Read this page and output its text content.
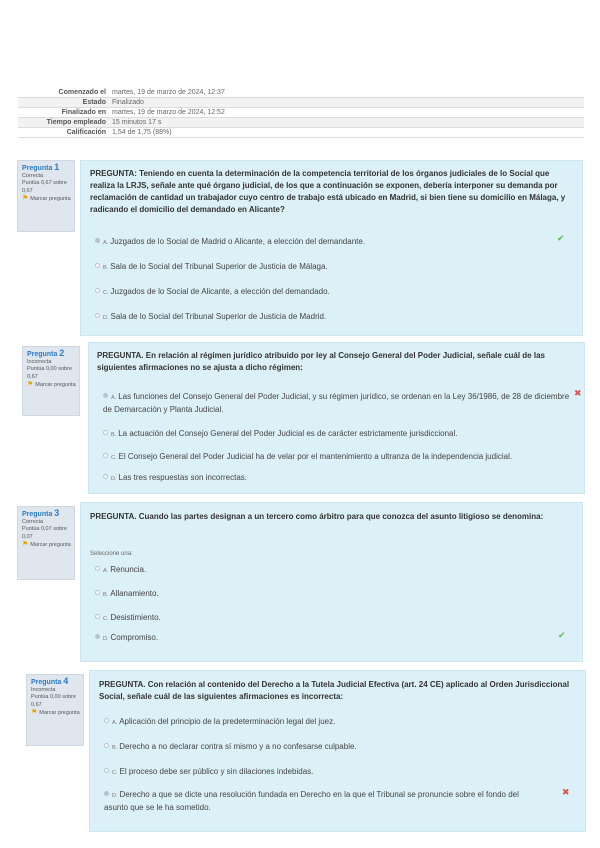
Comenzado el	martes, 19 de marzo de 2024, 12:37
Estado	Finalizado
Finalizado en	martes, 19 de marzo de 2024, 12:52
Tiempo empleado	15 minutos 17 s
Calificación	1,54 de 1,75 (88%)
Pregunta 1
Correcta
Puntúa 0,67 sobre 0,67
⚑ Marcar pregunta
PREGUNTA: Teniendo en cuenta la determinación de la competencia territorial de los órganos judiciales de lo Social que realiza la LRJS, señale ante qué órgano judicial, de los que a continuación se exponen, debería interponer su demanda por reclamación de cantidad un trabajador cuyo centro de trabajo está ubicado en Madrid, si bien tiene su domicilio en Málaga, y radicando el domicilio del demandado en Alicante?
A. Juzgados de lo Social de Madrid o Alicante, a elección del demandante.
B. Sala de lo Social del Tribunal Superior de Justicia de Málaga.
C. Juzgados de lo Social de Alicante, a elección del demandado.
D. Sala de lo Social del Tribunal Superior de Justicia de Madrid.
✔
Pregunta 2
Incorrecta
Puntúa 0,00 sobre 0,67
⚑ Marcar pregunta
PREGUNTA. En relación al régimen jurídico atribuido por ley al Consejo General del Poder Judicial, señale cuál de las siguientes afirmaciones no se ajusta a dicho régimen:
A. Las funciones del Consejo General del Poder Judicial, y su régimen jurídico, se ordenan en la Ley 36/1986, de 28 de diciembre de Demarcación y Planta Judicial.
B. La actuación del Consejo General del Poder Judicial es de carácter estrictamente jurisdiccional.
C. El Consejo General del Poder Judicial ha de velar por el mantenimiento a ultranza de la independencia judicial.
D. Las tres respuestas son incorrectas.
✖
Pregunta 3
Correcta
Puntúa 0,07 sobre 0,07
⚑ Marcar pregunta
PREGUNTA. Cuando las partes designan a un tercero como árbitro para que conozca del asunto litigioso se denomina:
Seleccione una:
A. Renuncia.
B. Allanamiento.
C. Desistimiento.
D. Compromiso.	✔
Pregunta 4
Incorrecta
Puntúa 0,00 sobre 0,67
⚑ Marcar pregunta
PREGUNTA. Con relación al contenido del Derecho a la Tutela Judicial Efectiva (art. 24 CE) aplicado al Orden Jurisdiccional Social, señale cuál de las siguientes afirmaciones es incorrecta:
A. Aplicación del principio de la predeterminación legal del juez.
B. Derecho a no declarar contra sí mismo y a no confesarse culpable.
C. El proceso debe ser público y sin dilaciones indebidas.
D. Derecho a que se dicte una resolución fundada en Derecho en la que el Tribunal se pronuncie sobre el fondo del asunto que se le ha sometido.
✖
